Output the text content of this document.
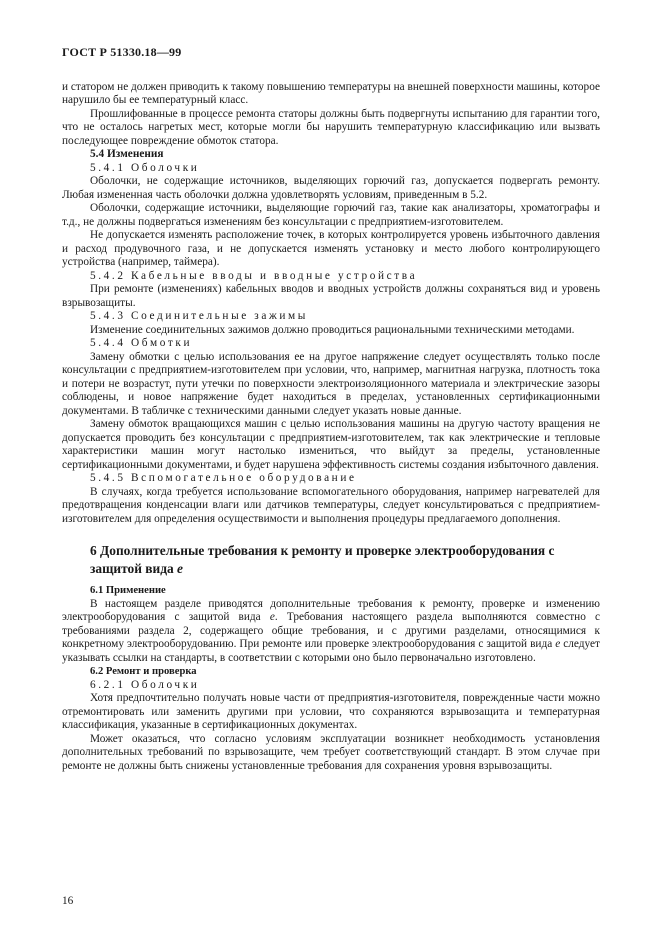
ГОСТ Р 51330.18—99

и статором не должен приводить к такому повышению температуры на внешней поверхности машины, которое нарушило бы ее температурный класс.

Прошлифованные в процессе ремонта статоры должны быть подвергнуты испытанию для гарантии того, что не осталось нагретых мест, которые могли бы нарушить температурную классификацию или вызвать последующее повреждение обмоток статора.

5.4 Изменения

5.4.1 Оболочки

Оболочки, не содержащие источников, выделяющих горючий газ, допускается подвергать ремонту. Любая измененная часть оболочки должна удовлетворять условиям, приведенным в 5.2.

Оболочки, содержащие источники, выделяющие горючий газ, такие как анализаторы, хроматографы и т.д., не должны подвергаться изменениям без консультации с предприятием-изготовителем.

Не допускается изменять расположение точек, в которых контролируется уровень избыточного давления и расход продувочного газа, и не допускается изменять установку и место любого контролирующего устройства (например, таймера).

5.4.2 Кабельные вводы и вводные устройства

При ремонте (изменениях) кабельных вводов и вводных устройств должны сохраняться вид и уровень взрывозащиты.

5.4.3 Соединительные зажимы

Изменение соединительных зажимов должно проводиться рациональными техническими методами.

5.4.4 Обмотки

Замену обмотки с целью использования ее на другое напряжение следует осуществлять только после консультации с предприятием-изготовителем при условии, что, например, магнитная нагрузка, плотность тока и потери не возрастут, пути утечки по поверхности электроизоляционного материала и электрические зазоры соблюдены, и новое напряжение будет находиться в пределах, установленных сертификационными документами. В табличке с техническими данными следует указать новые данные.

Замену обмоток вращающихся машин с целью использования машины на другую частоту вращения не допускается проводить без консультации с предприятием-изготовителем, так как электрические и тепловые характеристики машин могут настолько измениться, что выйдут за пределы, установленные сертификационными документами, и будет нарушена эффективность системы создания избыточного давления.

5.4.5 Вспомогательное оборудование

В случаях, когда требуется использование вспомогательного оборудования, например нагревателей для предотвращения конденсации влаги или датчиков температуры, следует консультироваться с предприятием-изготовителем для определения осуществимости и выполнения процедуры предлагаемого дополнения.

6 Дополнительные требования к ремонту и проверке электрооборудования с защитой вида е

6.1 Применение

В настоящем разделе приводятся дополнительные требования к ремонту, проверке и изменению электрооборудования с защитой вида е. Требования настоящего раздела выполняются совместно с требованиями раздела 2, содержащего общие требования, и с другими разделами, относящимися к конкретному электрооборудованию. При ремонте или проверке электрооборудования с защитой вида е следует указывать ссылки на стандарты, в соответствии с которыми оно было первоначально изготовлено.

6.2 Ремонт и проверка

6.2.1 Оболочки

Хотя предпочтительно получать новые части от предприятия-изготовителя, поврежденные части можно отремонтировать или заменить другими при условии, что сохраняются взрывозащита и температурная классификация, указанные в сертификационных документах.

Может оказаться, что согласно условиям эксплуатации возникнет необходимость установления дополнительных требований по взрывозащите, чем требует соответствующий стандарт. В этом случае при ремонте не должны быть снижены установленные требования для сохранения уровня взрывозащиты.

16
